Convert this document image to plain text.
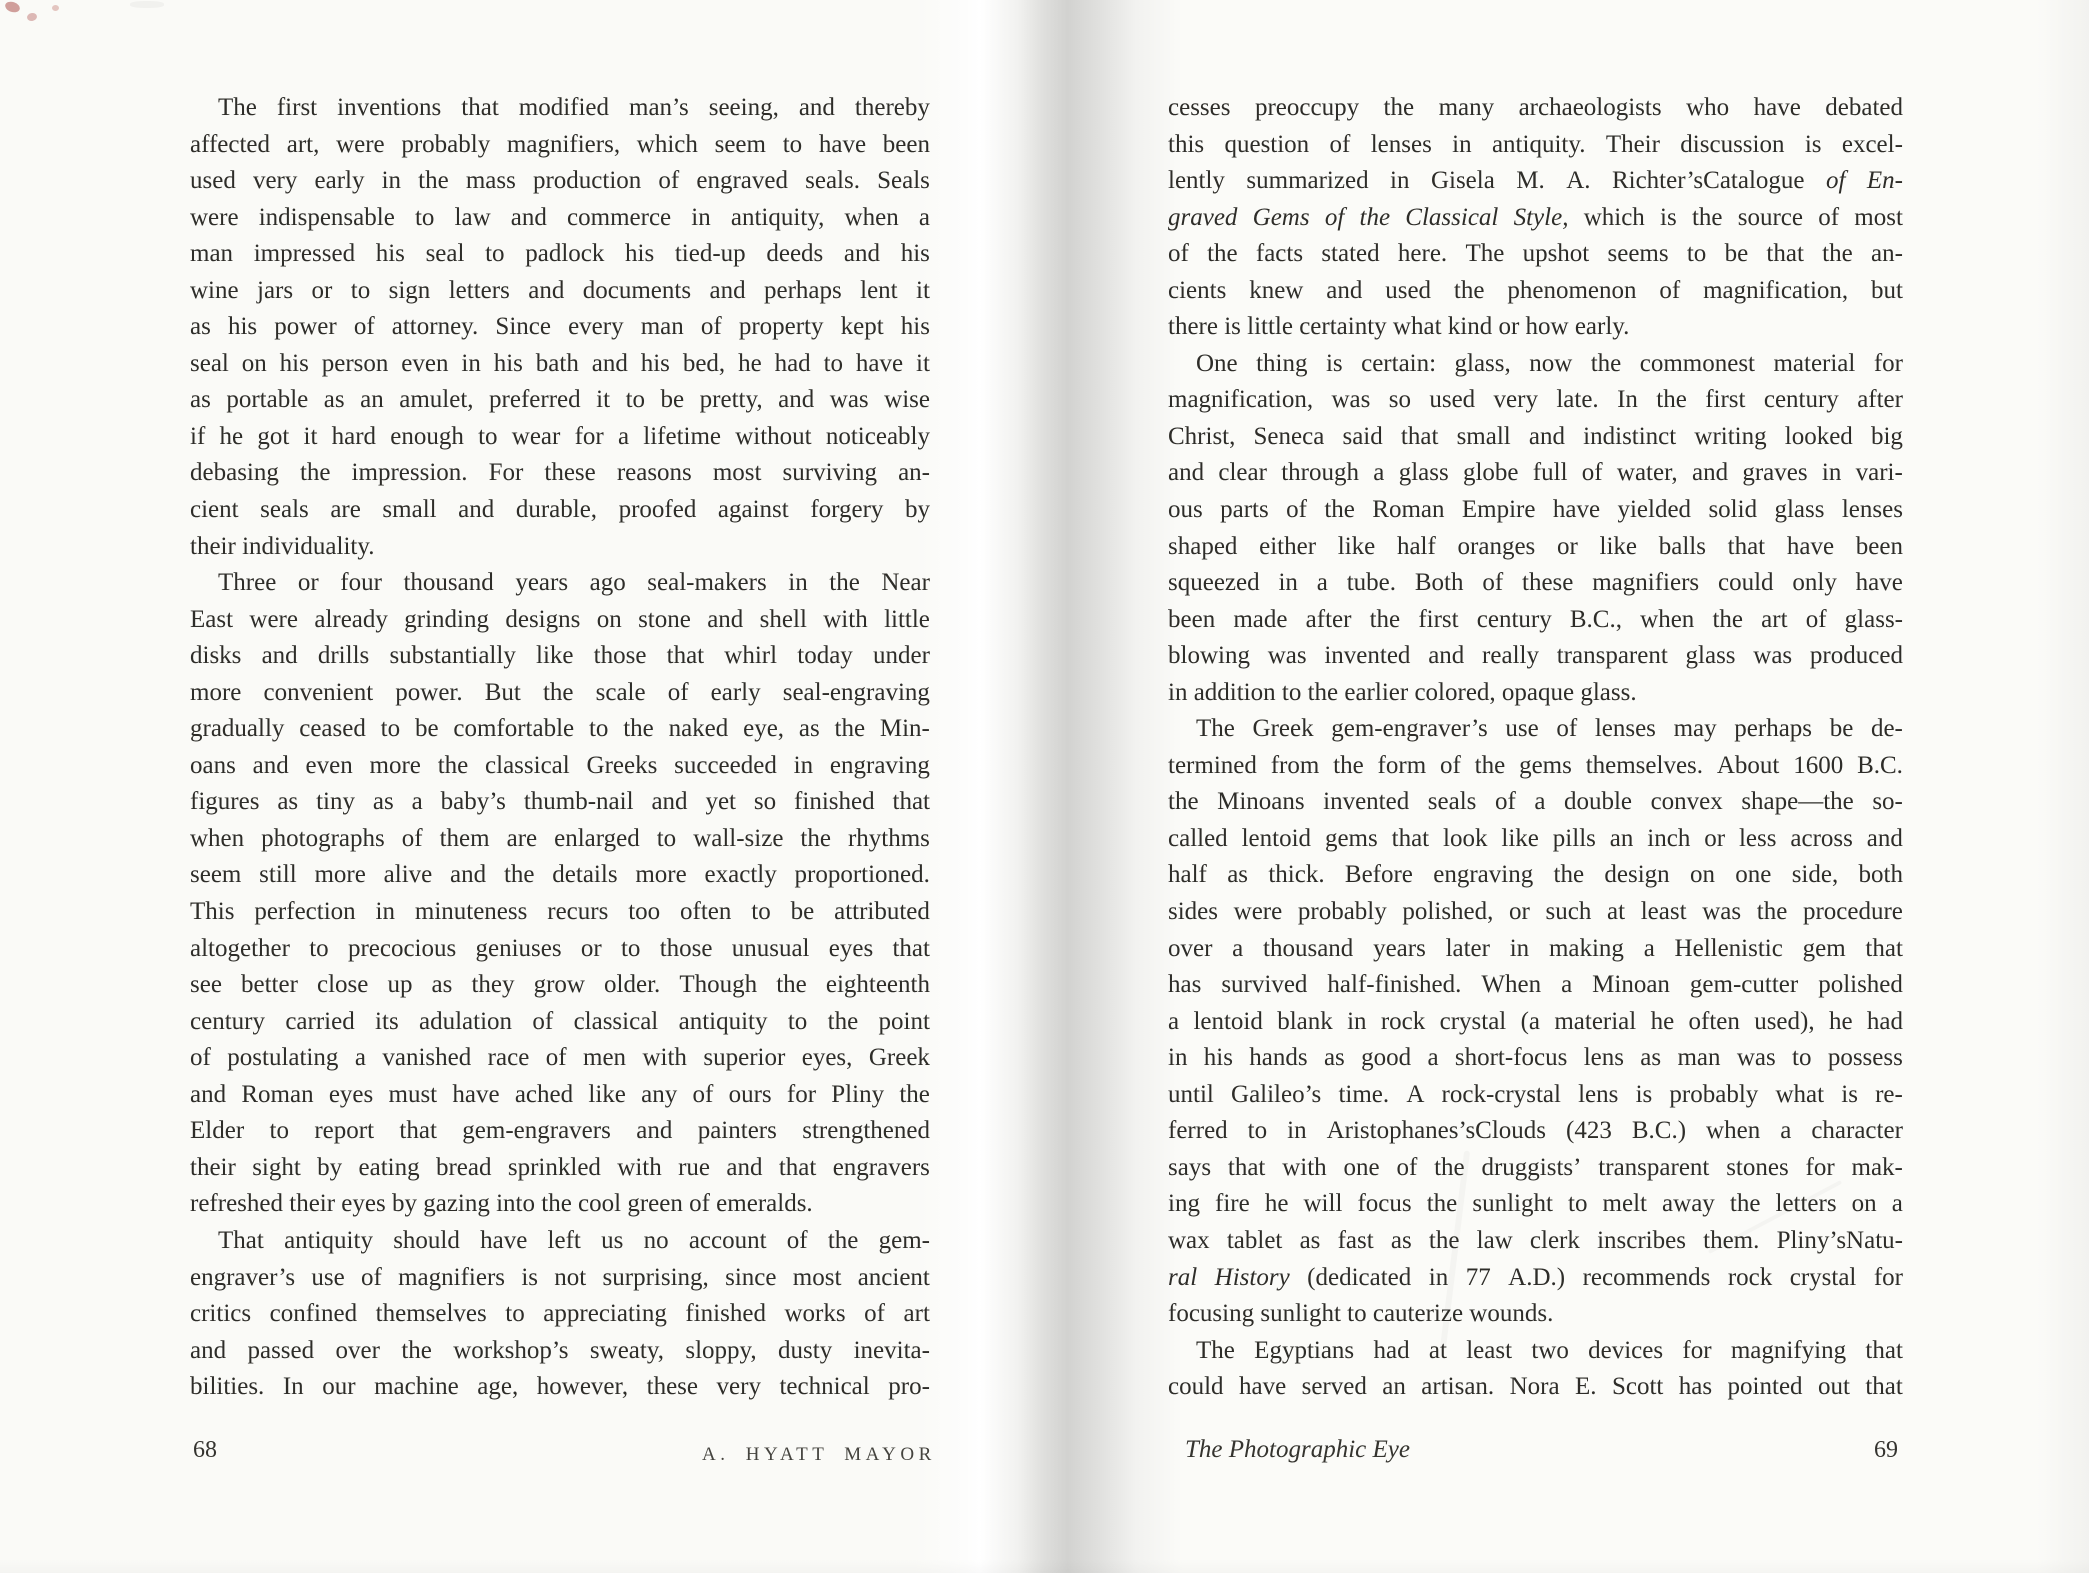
The first inventions that modified man’s seeing, and thereby
affected art, were probably magnifiers, which seem to have been
used very early in the mass production of engraved seals. Seals
were indispensable to law and commerce in antiquity, when a
man impressed his seal to padlock his tied-up deeds and his
wine jars or to sign letters and documents and perhaps lent it
as his power of attorney. Since every man of property kept his
seal on his person even in his bath and his bed, he had to have it
as portable as an amulet, preferred it to be pretty, and was wise
if he got it hard enough to wear for a lifetime without noticeably
debasing the impression. For these reasons most surviving an-
cient seals are small and durable, proofed against forgery by
their individuality.
Three or four thousand years ago seal-makers in the Near
East were already grinding designs on stone and shell with little
disks and drills substantially like those that whirl today under
more convenient power. But the scale of early seal-engraving
gradually ceased to be comfortable to the naked eye, as the Min-
oans and even more the classical Greeks succeeded in engraving
figures as tiny as a baby’s thumb-nail and yet so finished that
when photographs of them are enlarged to wall-size the rhythms
seem still more alive and the details more exactly proportioned.
This perfection in minuteness recurs too often to be attributed
altogether to precocious geniuses or to those unusual eyes that
see better close up as they grow older. Though the eighteenth
century carried its adulation of classical antiquity to the point
of postulating a vanished race of men with superior eyes, Greek
and Roman eyes must have ached like any of ours for Pliny the
Elder to report that gem-engravers and painters strengthened
their sight by eating bread sprinkled with rue and that engravers
refreshed their eyes by gazing into the cool green of emeralds.
That antiquity should have left us no account of the gem-
engraver’s use of magnifiers is not surprising, since most ancient
critics confined themselves to appreciating finished works of art
and passed over the workshop’s sweaty, sloppy, dusty inevita-
bilities. In our machine age, however, these very technical pro-
cesses preoccupy the many archaeologists who have debated
this question of lenses in antiquity. Their discussion is excel-
lently summarized in Gisela M. A. Richter’sCatalogue of En-
graved Gems of the Classical Style, which is the source of most
of the facts stated here. The upshot seems to be that the an-
cients knew and used the phenomenon of magnification, but
there is little certainty what kind or how early.
One thing is certain: glass, now the commonest material for
magnification, was so used very late. In the first century after
Christ, Seneca said that small and indistinct writing looked big
and clear through a glass globe full of water, and graves in vari-
ous parts of the Roman Empire have yielded solid glass lenses
shaped either like half oranges or like balls that have been
squeezed in a tube. Both of these magnifiers could only have
been made after the first century B.C., when the art of glass-
blowing was invented and really transparent glass was produced
in addition to the earlier colored, opaque glass.
The Greek gem-engraver’s use of lenses may perhaps be de-
termined from the form of the gems themselves. About 1600 B.C.
the Minoans invented seals of a double convex shape—the so-
called lentoid gems that look like pills an inch or less across and
half as thick. Before engraving the design on one side, both
sides were probably polished, or such at least was the procedure
over a thousand years later in making a Hellenistic gem that
has survived half-finished. When a Minoan gem-cutter polished
a lentoid blank in rock crystal (a material he often used), he had
in his hands as good a short-focus lens as man was to possess
until Galileo’s time. A rock-crystal lens is probably what is re-
ferred to in Aristophanes’sClouds (423 B.C.) when a character
says that with one of the druggists’ transparent stones for mak-
ing fire he will focus the sunlight to melt away the letters on a
wax tablet as fast as the law clerk inscribes them. Pliny’sNatu-
ral History (dedicated in 77 A.D.) recommends rock crystal for
focusing sunlight to cauterize wounds.
The Egyptians had at least two devices for magnifying that
could have served an artisan. Nora E. Scott has pointed out that
68	A. HYATT MAYOR	The Photographic Eye	69
